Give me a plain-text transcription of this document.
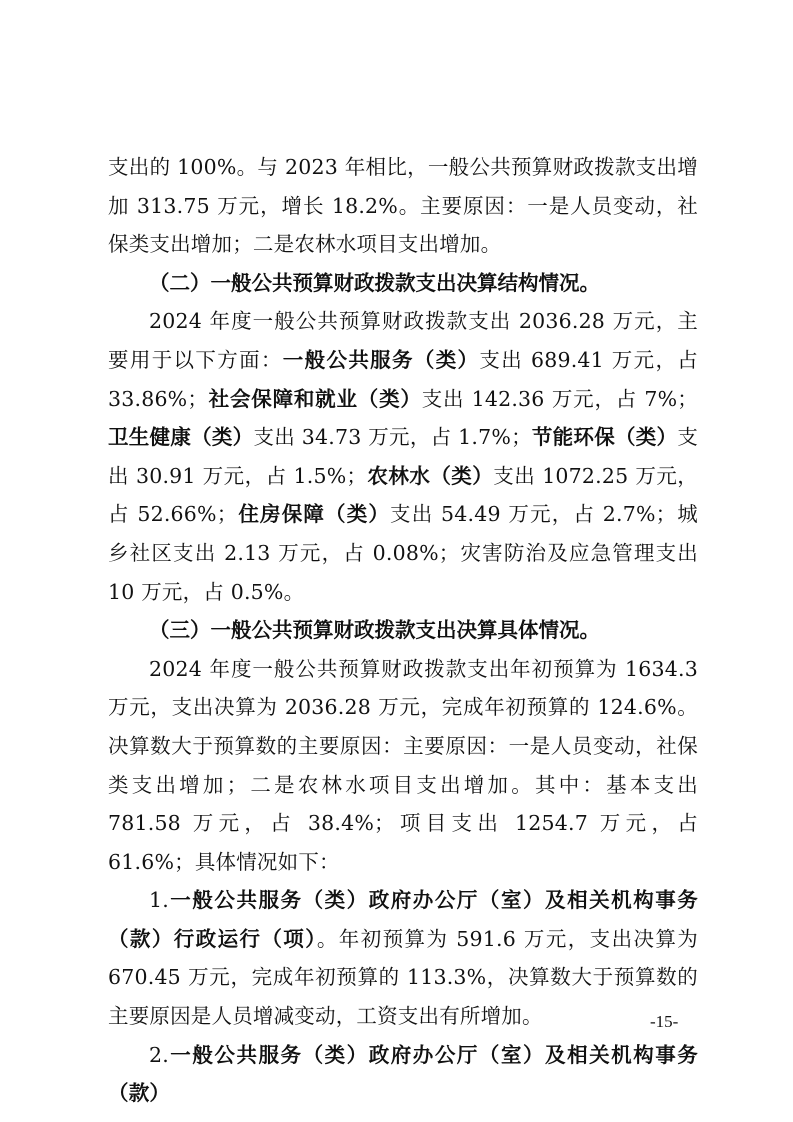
支出的 100%。与 2023 年相比，一般公共预算财政拨款支出增加 313.75 万元，增长 18.2%。主要原因：一是人员变动，社保类支出增加；二是农林水项目支出增加。

（二）一般公共预算财政拨款支出决算结构情况。

2024 年度一般公共预算财政拨款支出 2036.28 万元，主要用于以下方面：一般公共服务（类）支出 689.41 万元，占 33.86%；社会保障和就业（类）支出 142.36 万元，占 7%；卫生健康（类）支出 34.73 万元，占 1.7%；节能环保（类）支出 30.91 万元，占 1.5%；农林水（类）支出 1072.25 万元，占 52.66%；住房保障（类）支出 54.49 万元，占 2.7%；城乡社区支出 2.13 万元，占 0.08%；灾害防治及应急管理支出 10 万元，占 0.5%。

（三）一般公共预算财政拨款支出决算具体情况。

2024 年度一般公共预算财政拨款支出年初预算为 1634.3 万元，支出决算为 2036.28 万元，完成年初预算的 124.6%。决算数大于预算数的主要原因：主要原因：一是人员变动，社保类支出增加；二是农林水项目支出增加。其中：基本支出 781.58 万元，占 38.4%；项目支出 1254.7 万元，占 61.6%；具体情况如下：

1.一般公共服务（类）政府办公厅（室）及相关机构事务（款）行政运行（项）。年初预算为 591.6 万元，支出决算为 670.45 万元，完成年初预算的 113.3%，决算数大于预算数的主要原因是人员增减变动，工资支出有所增加。

2.一般公共服务（类）政府办公厅（室）及相关机构事务（款）

-15-
